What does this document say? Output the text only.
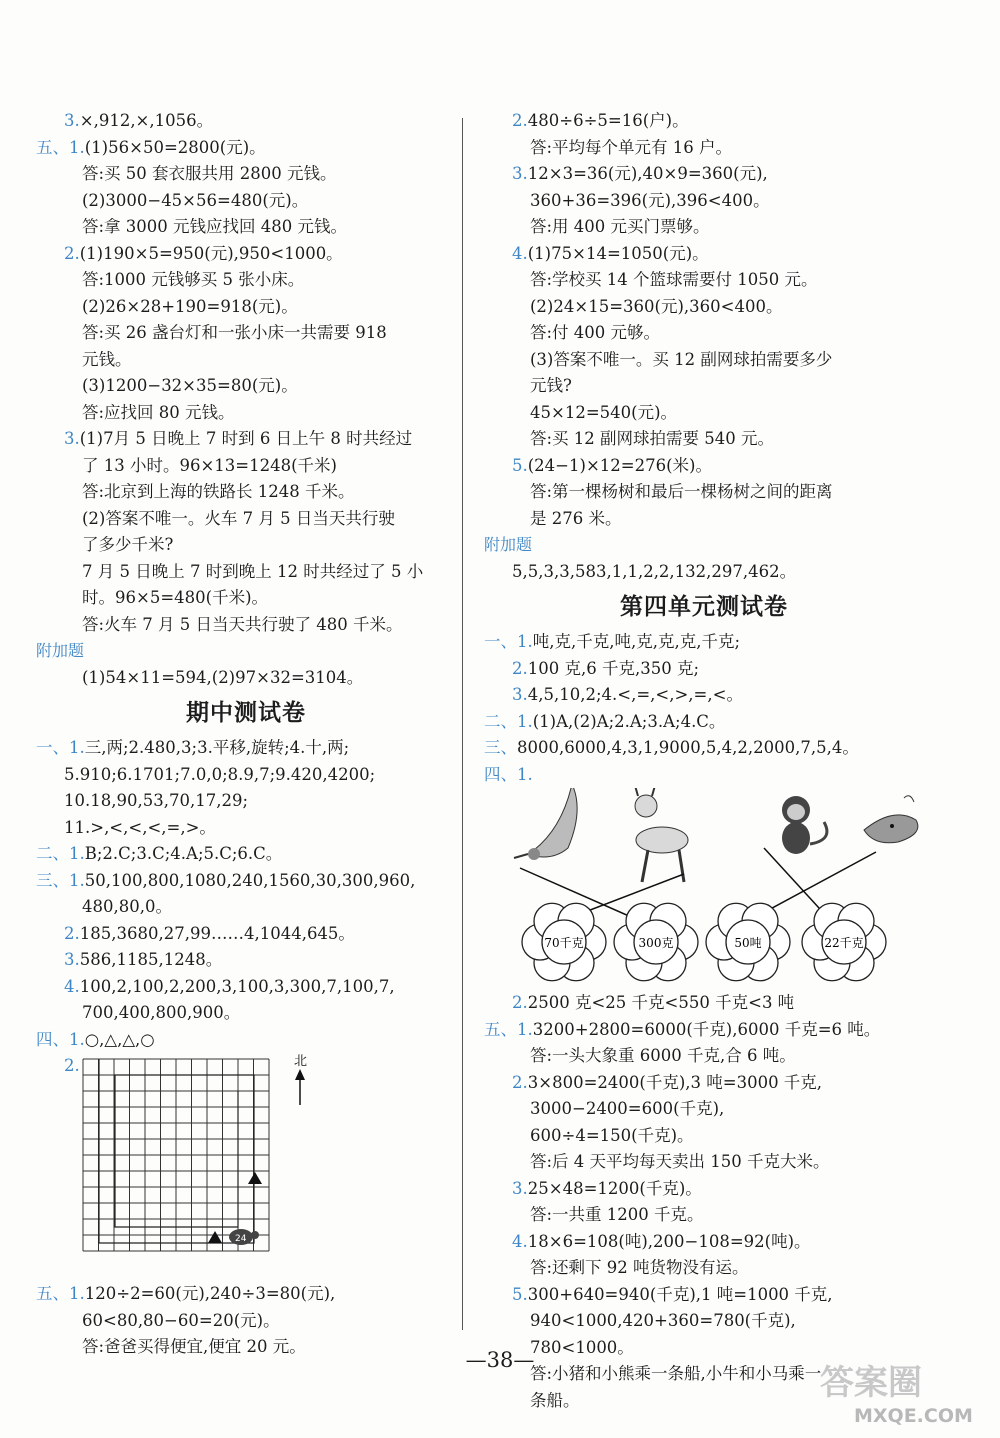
3.×,912,×,1056。
五、1.(1)56×50=2800(元)。
答:买 50 套衣服共用 2800 元钱。
(2)3000−45×56=480(元)。
答:拿 3000 元钱应找回 480 元钱。
2.(1)190×5=950(元),950<1000。
答:1000 元钱够买 5 张小床。
(2)26×28+190=918(元)。
答:买 26 盏台灯和一张小床一共需要 918
元钱。
(3)1200−32×35=80(元)。
答:应找回 80 元钱。
3.(1)7月 5 日晚上 7 时到 6 日上午 8 时共经过
了 13 小时。96×13=1248(千米)
答:北京到上海的铁路长 1248 千米。
(2)答案不唯一。火车 7 月 5 日当天共行驶
了多少千米?
7 月 5 日晚上 7 时到晚上 12 时共经过了 5 小
时。96×5=480(千米)。
答:火车 7 月 5 日当天共行驶了 480 千米。
附加题
(1)54×11=594,(2)97×32=3104。
期中测试卷
一、1.三,两;2.480,3;3.平移,旋转;4.十,两;
5.910;6.1701;7.0,0;8.9,7;9.420,4200;
10.18,90,53,70,17,29;
11.>,<,<,<,=,>。
二、1.B;2.C;3.C;4.A;5.C;6.C。
三、1.50,100,800,1080,240,1560,30,300,960,
480,80,0。
2.185,3680,27,99……4,1044,645。
3.586,1185,1248。
4.100,2,100,2,200,3,100,3,300,7,100,7,
700,400,800,900。
四、1.○,△,△,○
2.
24
北
五、1.120÷2=60(元),240÷3=80(元),
60<80,80−60=20(元)。
答:爸爸买得便宜,便宜 20 元。
2.480÷6÷5=16(户)。
答:平均每个单元有 16 户。
3.12×3=36(元),40×9=360(元),
360+36=396(元),396<400。
答:用 400 元买门票够。
4.(1)75×14=1050(元)。
答:学校买 14 个篮球需要付 1050 元。
(2)24×15=360(元),360<400。
答:付 400 元够。
(3)答案不唯一。买 12 副网球拍需要多少
元钱?
45×12=540(元)。
答:买 12 副网球拍需要 540 元。
5.(24−1)×12=276(米)。
答:第一棵杨树和最后一棵杨树之间的距离
是 276 米。
附加题
5,5,3,3,583,1,1,2,2,132,297,462。
第四单元测试卷
一、1.吨,克,千克,吨,克,克,克,千克;
2.100 克,6 千克,350 克;
3.4,5,10,2;4.<,=,<,>,=,<。
二、1.(1)A,(2)A;2.A;3.A;4.C。
三、8000,6000,4,3,1,9000,5,4,2,2000,7,5,4。
四、1.
70千克	300克	50吨	22千克
2.2500 克<25 千克<550 千克<3 吨
五、1.3200+2800=6000(千克),6000 千克=6 吨。
答:一头大象重 6000 千克,合 6 吨。
2.3×800=2400(千克),3 吨=3000 千克,
3000−2400=600(千克),
600÷4=150(千克)。
答:后 4 天平均每天卖出 150 千克大米。
3.25×48=1200(千克)。
答:一共重 1200 千克。
4.18×6=108(吨),200−108=92(吨)。
答:还剩下 92 吨货物没有运。
5.300+640=940(千克),1 吨=1000 千克,
940<1000,420+360=780(千克),
780<1000。
答:小猪和小熊乘一条船,小牛和小马乘一
条船。
—38—
答案圈
MXQE.COM
